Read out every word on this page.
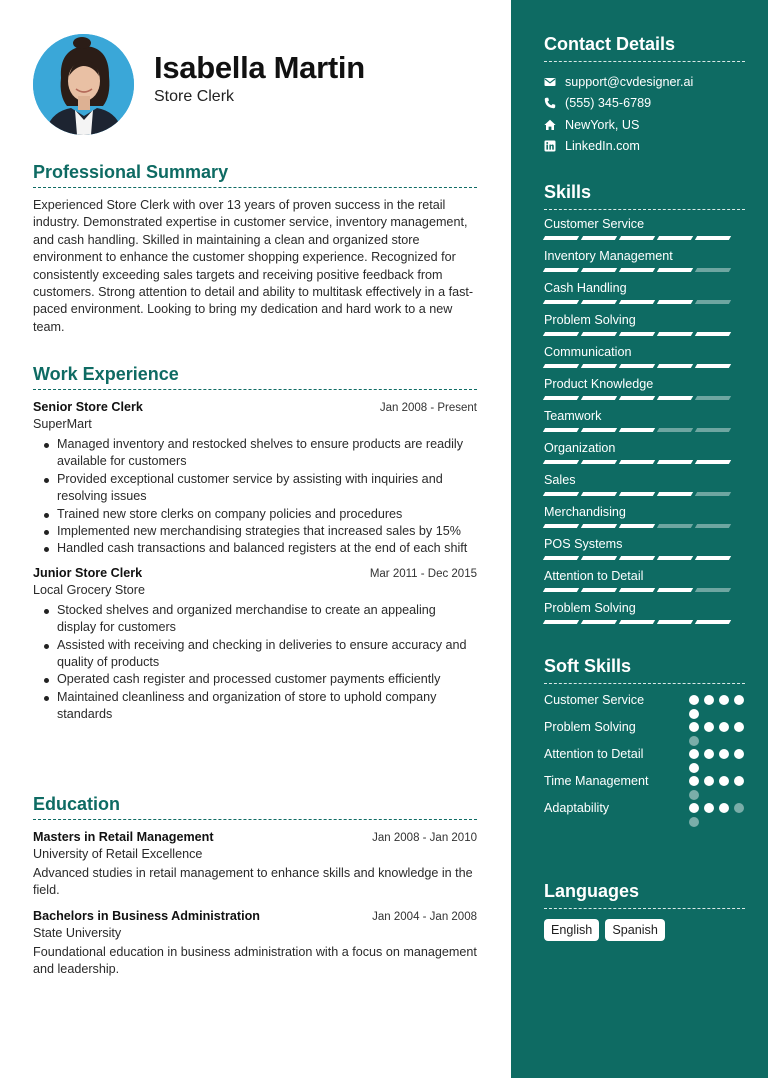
Isabella Martin
Store Clerk
Professional Summary

Experienced Store Clerk with over 13 years of proven success in the retail industry. Demonstrated expertise in customer service, inventory management, and cash handling. Skilled in maintaining a clean and organized store environment to enhance the customer shopping experience. Recognized for consistently exceeding sales targets and receiving positive feedback from customers. Strong attention to detail and ability to multitask effectively in a fast-paced environment. Looking to bring my dedication and hard work to a new team.

Work Experience
Senior Store Clerk	Jan 2008 - Present
SuperMart
Managed inventory and restocked shelves to ensure products are readily available for customers
Provided exceptional customer service by assisting with inquiries and resolving issues
Trained new store clerks on company policies and procedures
Implemented new merchandising strategies that increased sales by 15%
Handled cash transactions and balanced registers at the end of each shift
Junior Store Clerk	Mar 2011 - Dec 2015
Local Grocery Store
Stocked shelves and organized merchandise to create an appealing display for customers
Assisted with receiving and checking in deliveries to ensure accuracy and quality of products
Operated cash register and processed customer payments efficiently
Maintained cleanliness and organization of store to uphold company standards
Education
Masters in Retail Management	Jan 2008 - Jan 2010
University of Retail Excellence

Advanced studies in retail management to enhance skills and knowledge in the field.

Bachelors in Business Administration	Jan 2004 - Jan 2008
State University

Foundational education in business administration with a focus on management and leadership.

Contact Details
support@cvdesigner.ai
(555) 345-6789
NewYork, US
LinkedIn.com
Skills
Customer Service
Inventory Management
Cash Handling
Problem Solving
Communication
Product Knowledge
Teamwork
Organization
Sales
Merchandising
POS Systems
Attention to Detail
Problem Solving
Soft Skills
Customer Service
Problem Solving
Attention to Detail
Time Management
Adaptability
Languages
English	Spanish
